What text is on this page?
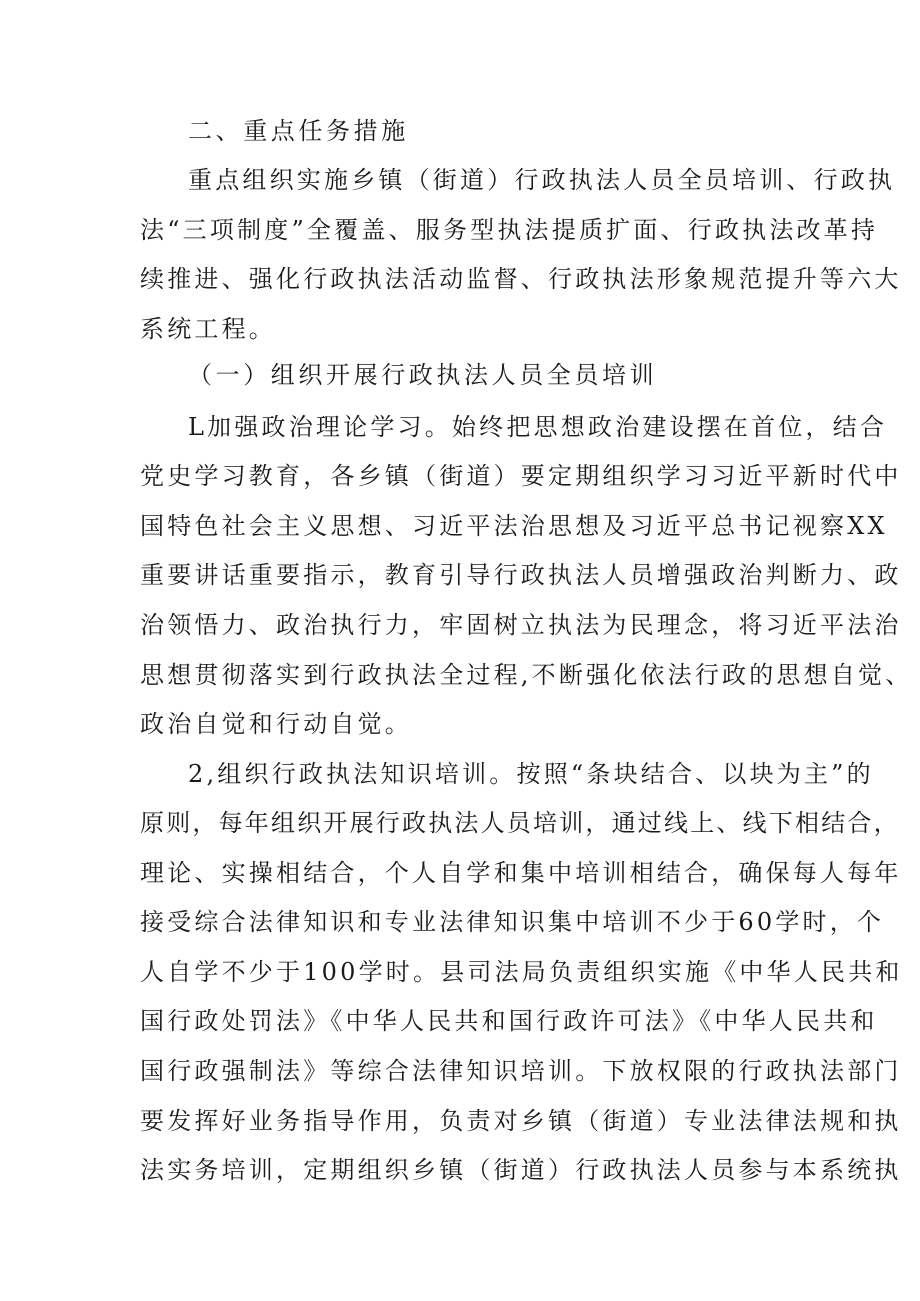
二、重点任务措施
重点组织实施乡镇（街道）行政执法人员全员培训、行政执
法“三项制度”全覆盖、服务型执法提质扩面、行政执法改革持
续推进、强化行政执法活动监督、行政执法形象规范提升等六大
系统工程。
（一）组织开展行政执法人员全员培训
L加强政治理论学习。始终把思想政治建设摆在首位，结合
党史学习教育，各乡镇（街道）要定期组织学习习近平新时代中
国特色社会主义思想、习近平法治思想及习近平总书记视察XX
重要讲话重要指示，教育引导行政执法人员增强政治判断力、政
治领悟力、政治执行力，牢固树立执法为民理念，将习近平法治
思想贯彻落实到行政执法全过程,不断强化依法行政的思想自觉、
政治自觉和行动自觉。
2,组织行政执法知识培训。按照“条块结合、以块为主”的
原则，每年组织开展行政执法人员培训，通过线上、线下相结合，
理论、实操相结合，个人自学和集中培训相结合，确保每人每年
接受综合法律知识和专业法律知识集中培训不少于60学时，个
人自学不少于100学时。县司法局负责组织实施《中华人民共和
国行政处罚法》《中华人民共和国行政许可法》《中华人民共和
国行政强制法》等综合法律知识培训。下放权限的行政执法部门
要发挥好业务指导作用，负责对乡镇（街道）专业法律法规和执
法实务培训，定期组织乡镇（街道）行政执法人员参与本系统执
